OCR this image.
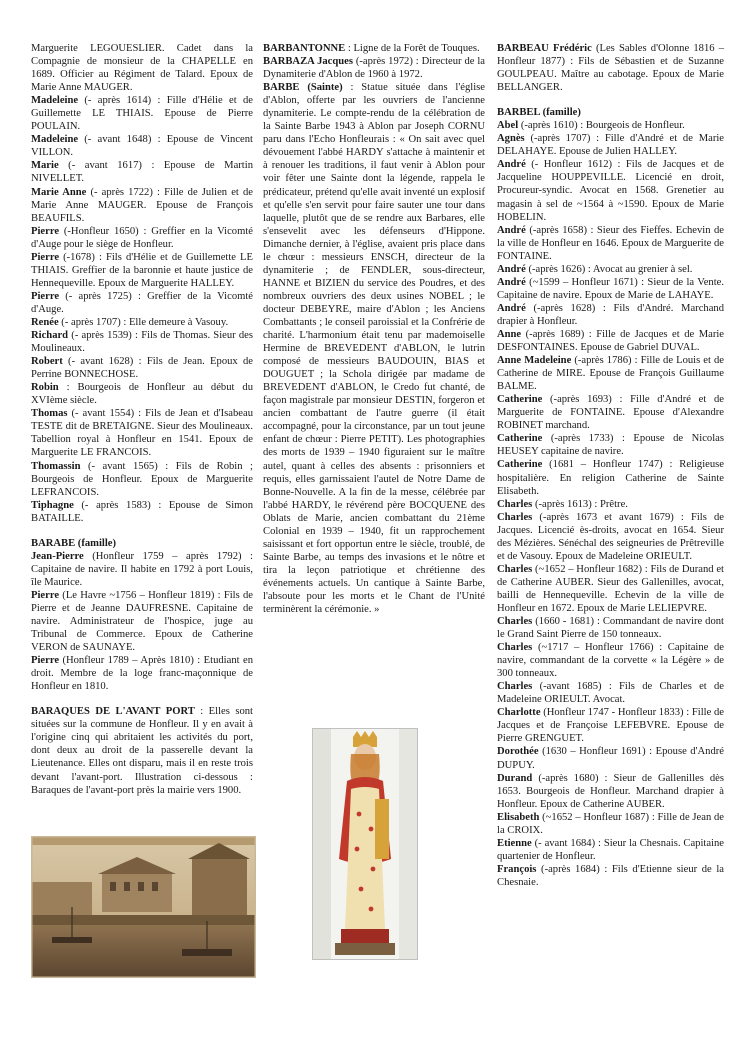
Marguerite LEGOUESLIER. Cadet dans la Compagnie de monsieur de la CHAPELLE en 1689. Officier au Régiment de Talard. Epoux de Marie Anne MAUGER.

Madeleine (- après 1614) : Fille d'Hélie et de Guillemette LE THIAIS. Epouse de Pierre POULAIN.

Madeleine (- avant 1648) : Epouse de Vincent VILLON.

Marie (- avant 1617) : Epouse de Martin NIVELLET.

Marie Anne (- après 1722) : Fille de Julien et de Marie Anne MAUGER. Epouse de François BEAUFILS.

Pierre (-Honfleur 1650) : Greffier en la Vicomté d'Auge pour le siège de Honfleur.

Pierre (-1678) : Fils d'Hélie et de Guillemette LE THIAIS. Greffier de la baronnie et haute justice de Hennequeville. Epoux de Marguerite HALLEY.

Pierre (- après 1725) : Greffier de la Vicomté d'Auge.

Renée (- après 1707) : Elle demeure à Vasouy.

Richard (- après 1539) : Fils de Thomas. Sieur des Moulineaux.

Robert (- avant 1628) : Fils de Jean. Epoux de Perrine BONNECHOSE.

Robin : Bourgeois de Honfleur au début du XVIème siècle.

Thomas (- avant 1554) : Fils de Jean et d'Isabeau TESTE dit de BRETAIGNE. Sieur des Moulineaux. Tabellion royal à Honfleur en 1541. Epoux de Marguerite LE FRANCOIS.

Thomassin (- avant 1565) : Fils de Robin ; Bourgeois de Honfleur. Epoux de Marguerite LEFRANCOIS.

Tiphagne (- après 1583) : Epouse de Simon BATAILLE.

BARABE (famille)

Jean-Pierre (Honfleur 1759 – après 1792) : Capitaine de navire. Il habite en 1792 à port Louis, île Maurice.

Pierre (Le Havre ~1756 – Honfleur 1819) : Fils de Pierre et de Jeanne DAUFRESNE. Capitaine de navire. Administrateur de l'hospice, juge au Tribunal de Commerce. Epoux de Catherine VERON de SAUNAYE.

Pierre (Honfleur 1789 – Après 1810) : Etudiant en droit. Membre de la loge franc-maçonnique de Honfleur en 1810.

BARAQUES DE L'AVANT PORT : Elles sont situées sur la commune de Honfleur. Il y en avait à l'origine cinq qui abritaient les activités du port, dont deux au droit de la passerelle devant la Lieutenance. Elles ont disparu, mais il en reste trois devant l'avant-port. Illustration ci-dessous : Baraques de l'avant-port près la mairie vers 1900.

BARBANTONNE : Ligne de la Forêt de Touques.

BARBAZA Jacques (-après 1972) : Directeur de la Dynamiterie d'Ablon de 1960 à 1972.

BARBE (Sainte) : Statue située dans l'église d'Ablon, offerte par les ouvriers de l'ancienne dynamiterie. Le compte-rendu de la célébration de la Sainte Barbe 1943 à Ablon par Joseph CORNU paru dans l'Echo Honfleurais : « On sait avec quel dévouement l'abbé HARDY s'attache à maintenir et à renouer les traditions, il faut venir à Ablon pour voir fêter une Sainte dont la légende, rappela le prédicateur, prétend qu'elle avait inventé un explosif et qu'elle s'en servit pour faire sauter une tour dans laquelle, plutôt que de se rendre aux Barbares, elle s'ensevelit avec les défenseurs d'Hippone. Dimanche dernier, à l'église, avaient pris place dans le chœur : messieurs ENSCH, directeur de la dynamiterie ; de FENDLER, sous-directeur, HANNE et BIZIEN du service des Poudres, et des nombreux ouvriers des deux usines NOBEL ; le docteur DEBEYRE, maire d'Ablon ; les Anciens Combattants ; le conseil paroissial et la Confrérie de charité. L'harmonium était tenu par mademoiselle Hermine de BREVEDENT d'ABLON, le lutrin composé de messieurs BAUDOUIN, BIAS et DOUGUET ; la Schola dirigée par madame de BREVEDENT d'ABLON, le Credo fut chanté, de façon magistrale par monsieur DESTIN, forgeron et ancien combattant de l'autre guerre (il était accompagné, pour la circonstance, par un tout jeune enfant de chœur : Pierre PETIT). Les photographies des morts de 1939 – 1940 figuraient sur le maître autel, quant à celles des absents : prisonniers et requis, elles garnissaient l'autel de Notre Dame de Bonne-Nouvelle. A la fin de la messe, célébrée par l'abbé HARDY, le révérend père BOCQUENE des Oblats de Marie, ancien combattant du 21ème Colonial en 1939 – 1940, fit un rapprochement saisissant et fort opportun entre le siècle, troublé, de Sainte Barbe, au temps des invasions et le nôtre et tira la leçon patriotique et chrétienne des événements actuels. Un cantique à Sainte Barbe, l'absoute pour les morts et le Chant de l'Unité terminèrent la cérémonie. »

BARBEAU Frédéric (Les Sables d'Olonne 1816 – Honfleur 1877) : Fils de Sébastien et de Suzanne GOULPEAU. Maître au cabotage. Epoux de Marie BELLANGER.

BARBEL (famille)

Abel (-après 1610) : Bourgeois de Honfleur.

Agnès (-après 1707) : Fille d'André et de Marie DELAHAYE. Epouse de Julien HALLEY.

André (- Honfleur 1612) : Fils de Jacques et de Jacqueline HOUPPEVILLE. Licencié en droit, Procureur-syndic. Avocat en 1568. Grenetier au magasin à sel de ~1564 à ~1590. Epoux de Marie HOBELIN.

André (-après 1658) : Sieur des Fieffes. Echevin de la ville de Honfleur en 1646. Epoux de Marguerite de FONTAINE.

André (-après 1626) : Avocat au grenier à sel.

André (~1599 – Honfleur 1671) : Sieur de la Vente. Capitaine de navire. Epoux de Marie de LAHAYE.

André (-après 1628) : Fils d'André. Marchand drapier à Honfleur.

Anne (-après 1689) : Fille de Jacques et de Marie DESFONTAINES. Epouse de Gabriel DUVAL.

Anne Madeleine (-après 1786) : Fille de Louis et de Catherine de MIRE. Epouse de François Guillaume BALME.

Catherine (-après 1693) : Fille d'André et de Marguerite de FONTAINE. Epouse d'Alexandre ROBINET marchand.

Catherine (-après 1733) : Epouse de Nicolas HEUSEY capitaine de navire.

Catherine (1681 – Honfleur 1747) : Religieuse hospitalière. En religion Catherine de Sainte Elisabeth.

Charles (-après 1613) : Prêtre.

Charles (-après 1673 et avant 1679) : Fils de Jacques. Licencié ès-droits, avocat en 1654. Sieur des Mézières. Sénéchal des seigneuries de Prêtreville et de Vasouy. Epoux de Madeleine ORIEULT.

Charles (~1652 – Honfleur 1682) : Fils de Durand et de Catherine AUBER. Sieur des Gallenilles, avocat, bailli de Hennequeville. Echevin de la ville de Honfleur en 1672. Epoux de Marie LELIEPVRE.

Charles (1660 - 1681) : Commandant de navire dont le Grand Saint Pierre de 150 tonneaux.

Charles (~1717 – Honfleur 1766) : Capitaine de navire, commandant de la corvette « la Légère » de 300 tonneaux.

Charles (-avant 1685) : Fils de Charles et de Madeleine ORIEULT. Avocat.

Charlotte (Honfleur 1747 - Honfleur 1833) : Fille de Jacques et de Françoise LEFEBVRE. Epouse de Pierre GRENGUET.

Dorothée (1630 – Honfleur 1691) : Epouse d'André DUPUY.

Durand (-après 1680) : Sieur de Gallenilles dès 1653. Bourgeois de Honfleur. Marchand drapier à Honfleur. Epoux de Catherine AUBER.

Elisabeth (~1652 – Honfleur 1687) : Fille de Jean de la CROIX.

Etienne (- avant 1684) : Sieur la Chesnais. Capitaine quartenier de Honfleur.

François (-après 1684) : Fils d'Etienne sieur de la Chesnaie.
